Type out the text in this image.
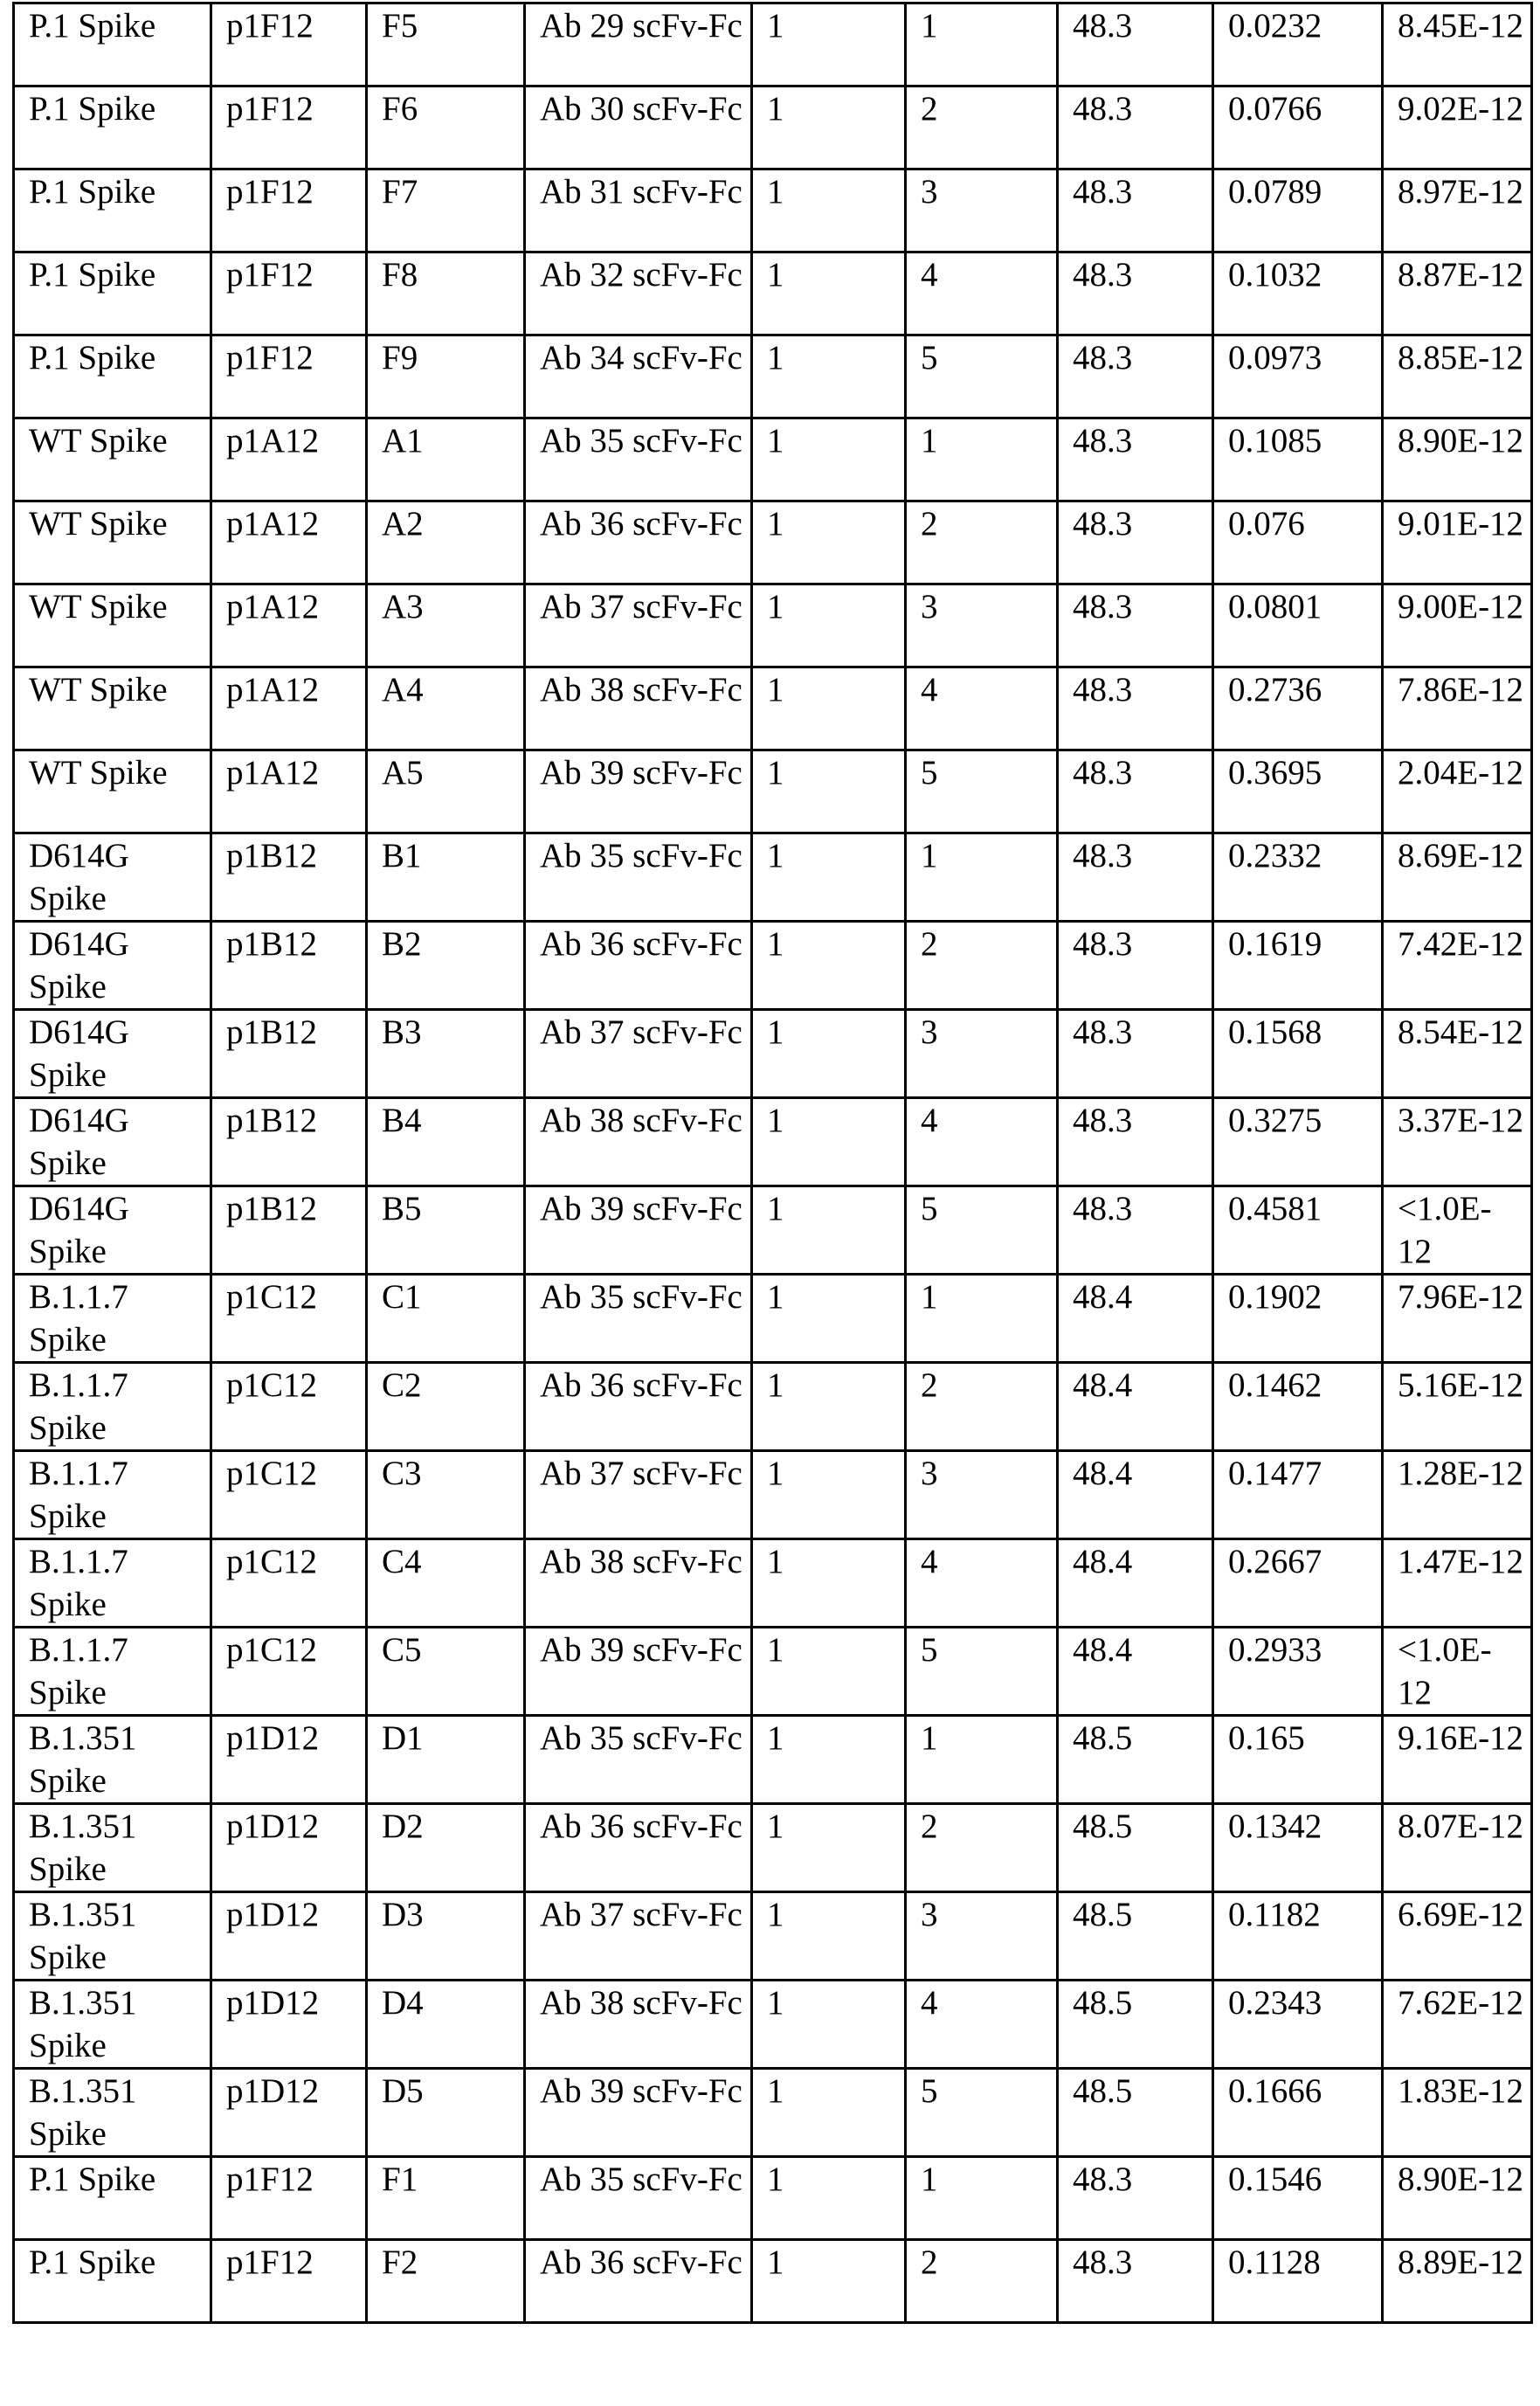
P.1 Spike	p1F12	F5	Ab 29 scFv-Fc	1	1	48.3	0.0232	8.45E-12
P.1 Spike	p1F12	F6	Ab 30 scFv-Fc	1	2	48.3	0.0766	9.02E-12
P.1 Spike	p1F12	F7	Ab 31 scFv-Fc	1	3	48.3	0.0789	8.97E-12
P.1 Spike	p1F12	F8	Ab 32 scFv-Fc	1	4	48.3	0.1032	8.87E-12
P.1 Spike	p1F12	F9	Ab 34 scFv-Fc	1	5	48.3	0.0973	8.85E-12
WT Spike	p1A12	A1	Ab 35 scFv-Fc	1	1	48.3	0.1085	8.90E-12
WT Spike	p1A12	A2	Ab 36 scFv-Fc	1	2	48.3	0.076	9.01E-12
WT Spike	p1A12	A3	Ab 37 scFv-Fc	1	3	48.3	0.0801	9.00E-12
WT Spike	p1A12	A4	Ab 38 scFv-Fc	1	4	48.3	0.2736	7.86E-12
WT Spike	p1A12	A5	Ab 39 scFv-Fc	1	5	48.3	0.3695	2.04E-12
D614G Spike	p1B12	B1	Ab 35 scFv-Fc	1	1	48.3	0.2332	8.69E-12
D614G Spike	p1B12	B2	Ab 36 scFv-Fc	1	2	48.3	0.1619	7.42E-12
D614G Spike	p1B12	B3	Ab 37 scFv-Fc	1	3	48.3	0.1568	8.54E-12
D614G Spike	p1B12	B4	Ab 38 scFv-Fc	1	4	48.3	0.3275	3.37E-12
D614G Spike	p1B12	B5	Ab 39 scFv-Fc	1	5	48.3	0.4581	<1.0E-12
B.1.1.7 Spike	p1C12	C1	Ab 35 scFv-Fc	1	1	48.4	0.1902	7.96E-12
B.1.1.7 Spike	p1C12	C2	Ab 36 scFv-Fc	1	2	48.4	0.1462	5.16E-12
B.1.1.7 Spike	p1C12	C3	Ab 37 scFv-Fc	1	3	48.4	0.1477	1.28E-12
B.1.1.7 Spike	p1C12	C4	Ab 38 scFv-Fc	1	4	48.4	0.2667	1.47E-12
B.1.1.7 Spike	p1C12	C5	Ab 39 scFv-Fc	1	5	48.4	0.2933	<1.0E-12
B.1.351 Spike	p1D12	D1	Ab 35 scFv-Fc	1	1	48.5	0.165	9.16E-12
B.1.351 Spike	p1D12	D2	Ab 36 scFv-Fc	1	2	48.5	0.1342	8.07E-12
B.1.351 Spike	p1D12	D3	Ab 37 scFv-Fc	1	3	48.5	0.1182	6.69E-12
B.1.351 Spike	p1D12	D4	Ab 38 scFv-Fc	1	4	48.5	0.2343	7.62E-12
B.1.351 Spike	p1D12	D5	Ab 39 scFv-Fc	1	5	48.5	0.1666	1.83E-12
P.1 Spike	p1F12	F1	Ab 35 scFv-Fc	1	1	48.3	0.1546	8.90E-12
P.1 Spike	p1F12	F2	Ab 36 scFv-Fc	1	2	48.3	0.1128	8.89E-12
